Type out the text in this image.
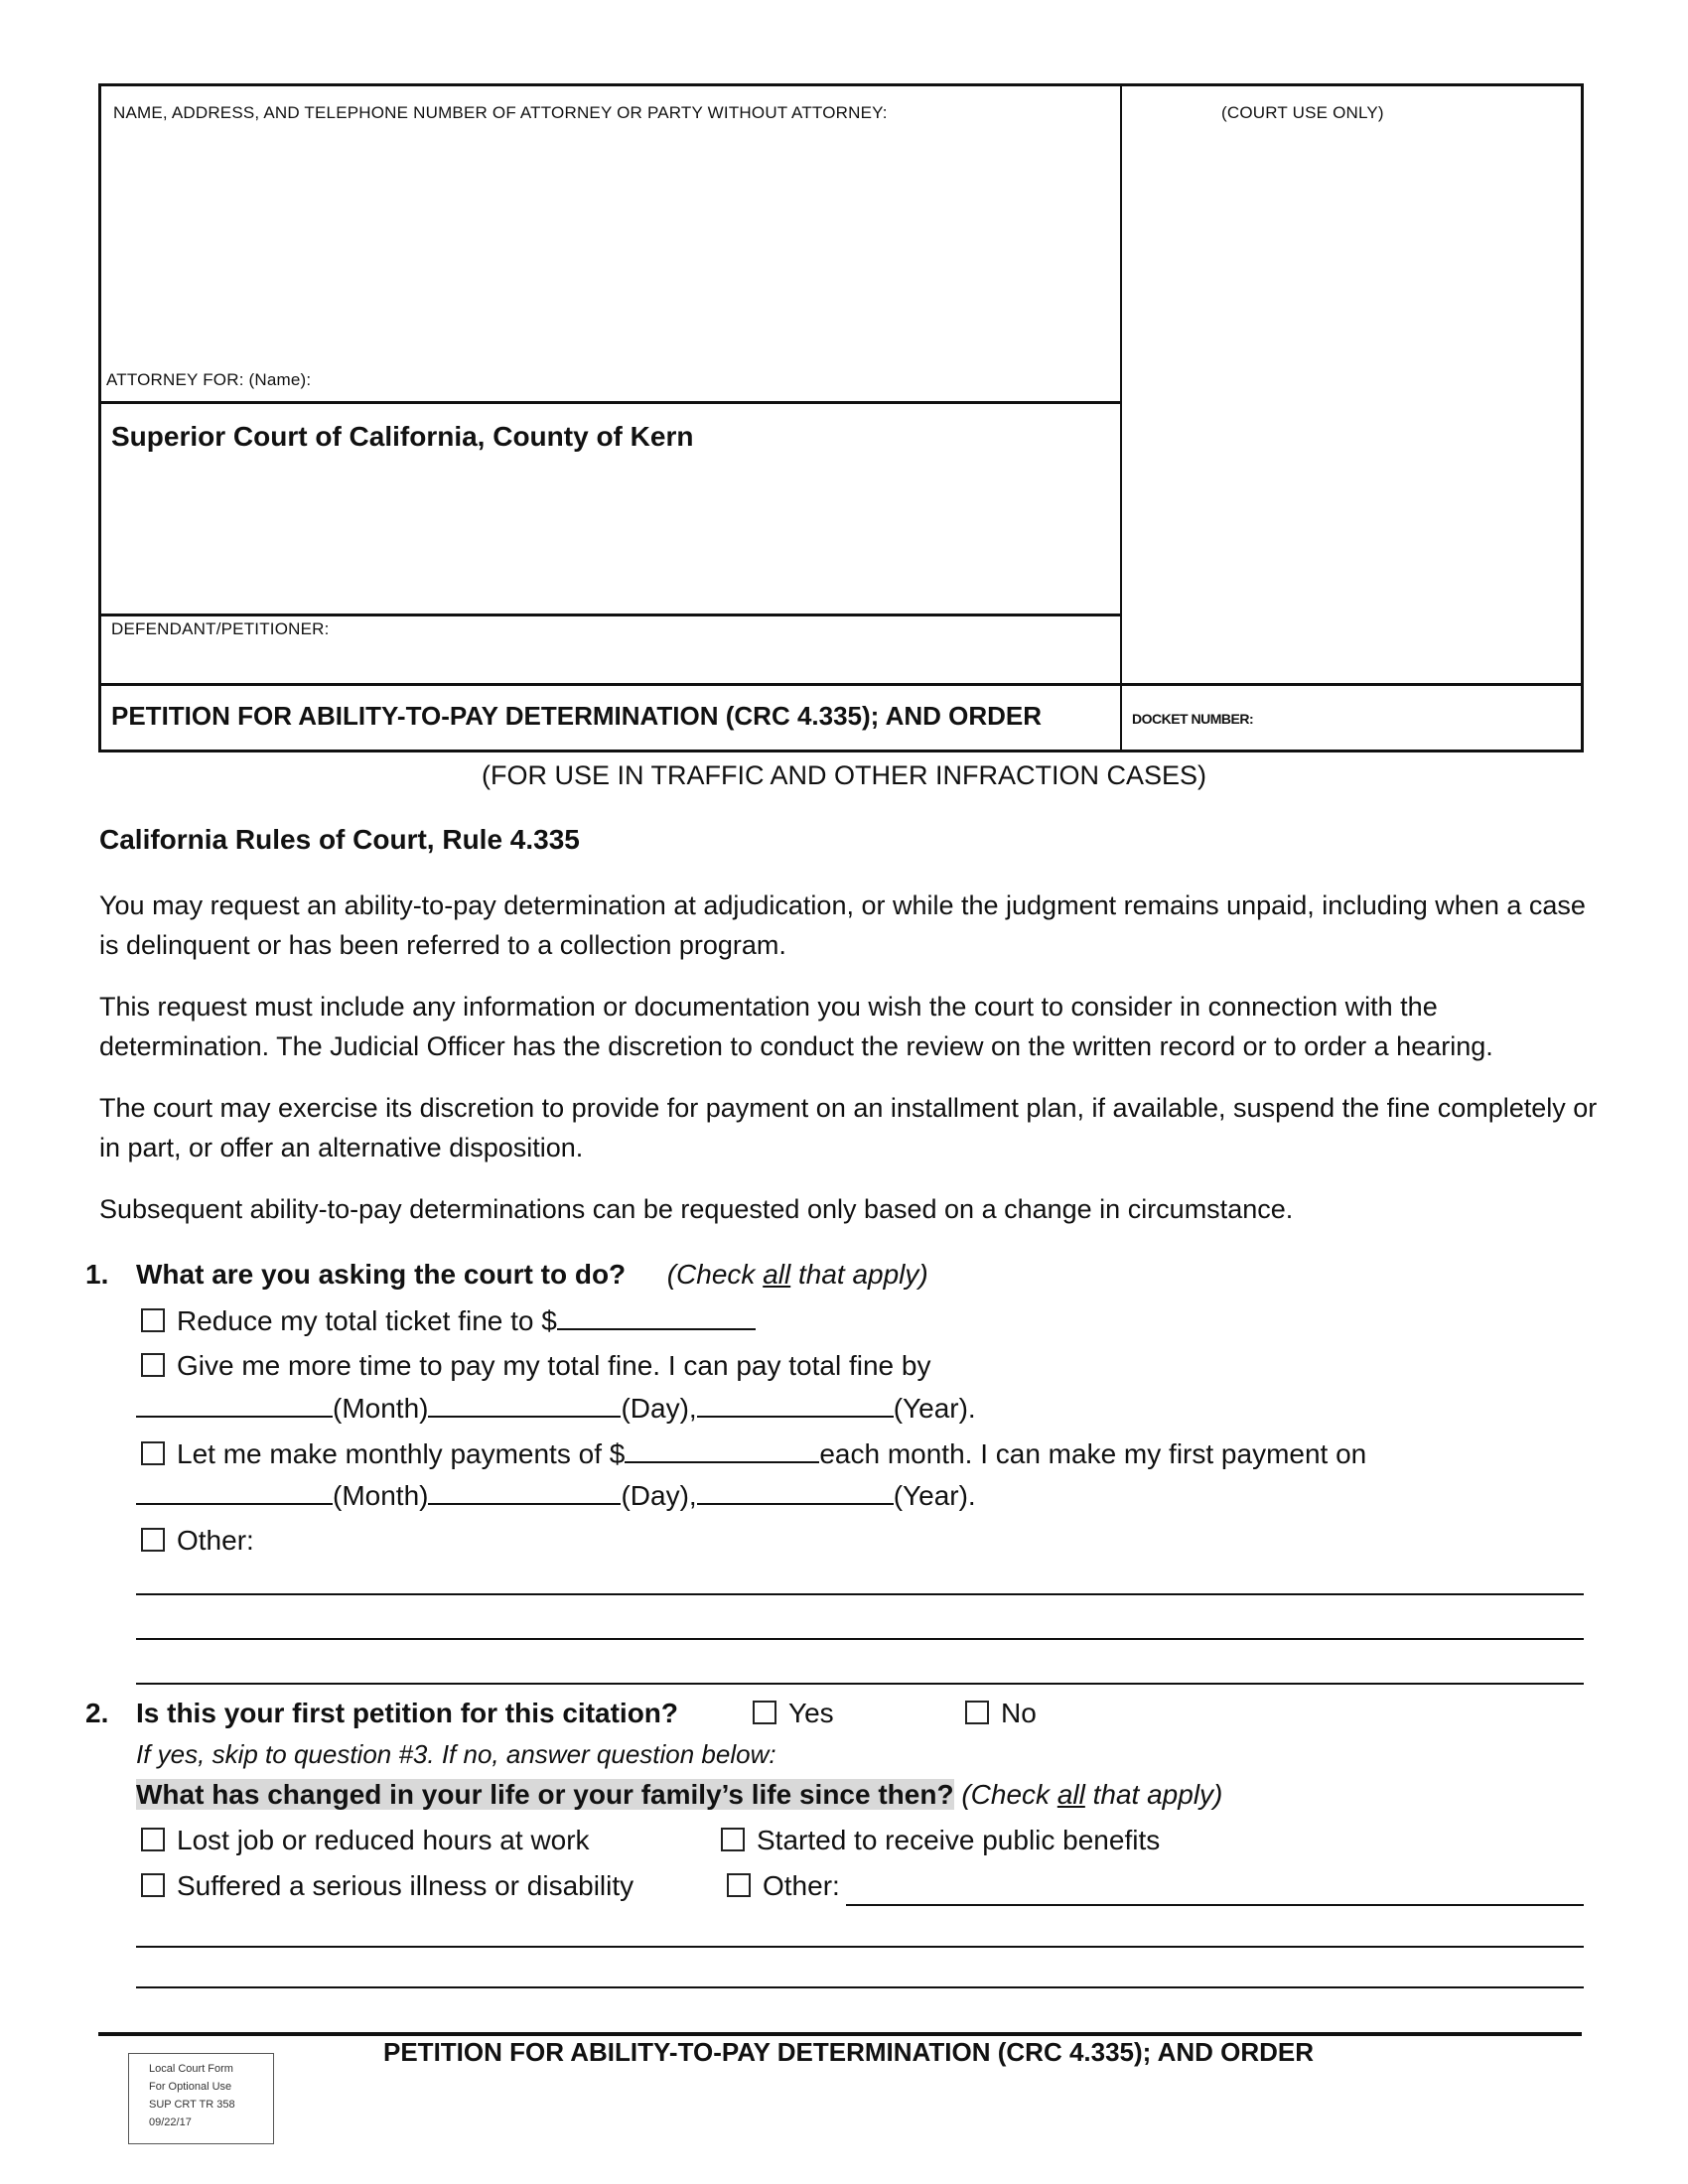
NAME, ADDRESS, AND TELEPHONE NUMBER OF ATTORNEY OR PARTY WITHOUT ATTORNEY:	(COURT USE ONLY)
ATTORNEY FOR: (Name):
Superior Court of California, County of Kern
DEFENDANT/PETITIONER:
PETITION FOR ABILITY-TO-PAY DETERMINATION (CRC 4.335); AND ORDER	DOCKET NUMBER:
(FOR USE IN TRAFFIC AND OTHER INFRACTION CASES)
California Rules of Court, Rule 4.335
You may request an ability-to-pay determination at adjudication, or while the judgment remains unpaid, including when a case is delinquent or has been referred to a collection program.
This request must include any information or documentation you wish the court to consider in connection with the determination. The Judicial Officer has the discretion to conduct the review on the written record or to order a hearing.
The court may exercise its discretion to provide for payment on an installment plan, if available, suspend the fine completely or in part, or offer an alternative disposition.
Subsequent ability-to-pay determinations can be requested only based on a change in circumstance.
1. What are you asking the court to do? (Check all that apply)
Reduce my total ticket fine to $
Give me more time to pay my total fine. I can pay total fine by
(Month)	(Day),	(Year).
Let me make monthly payments of $	each month. I can make my first payment on
(Month)	(Day),	(Year).
Other:
2. Is this your first petition for this citation?	Yes	No
If yes, skip to question #3. If no, answer question below:
What has changed in your life or your family’s life since then? (Check all that apply)
Lost job or reduced hours at work	Started to receive public benefits
Suffered a serious illness or disability	Other:
PETITION FOR ABILITY-TO-PAY DETERMINATION (CRC 4.335); AND ORDER
Local Court Form
For Optional Use
SUP CRT TR 358
09/22/17
